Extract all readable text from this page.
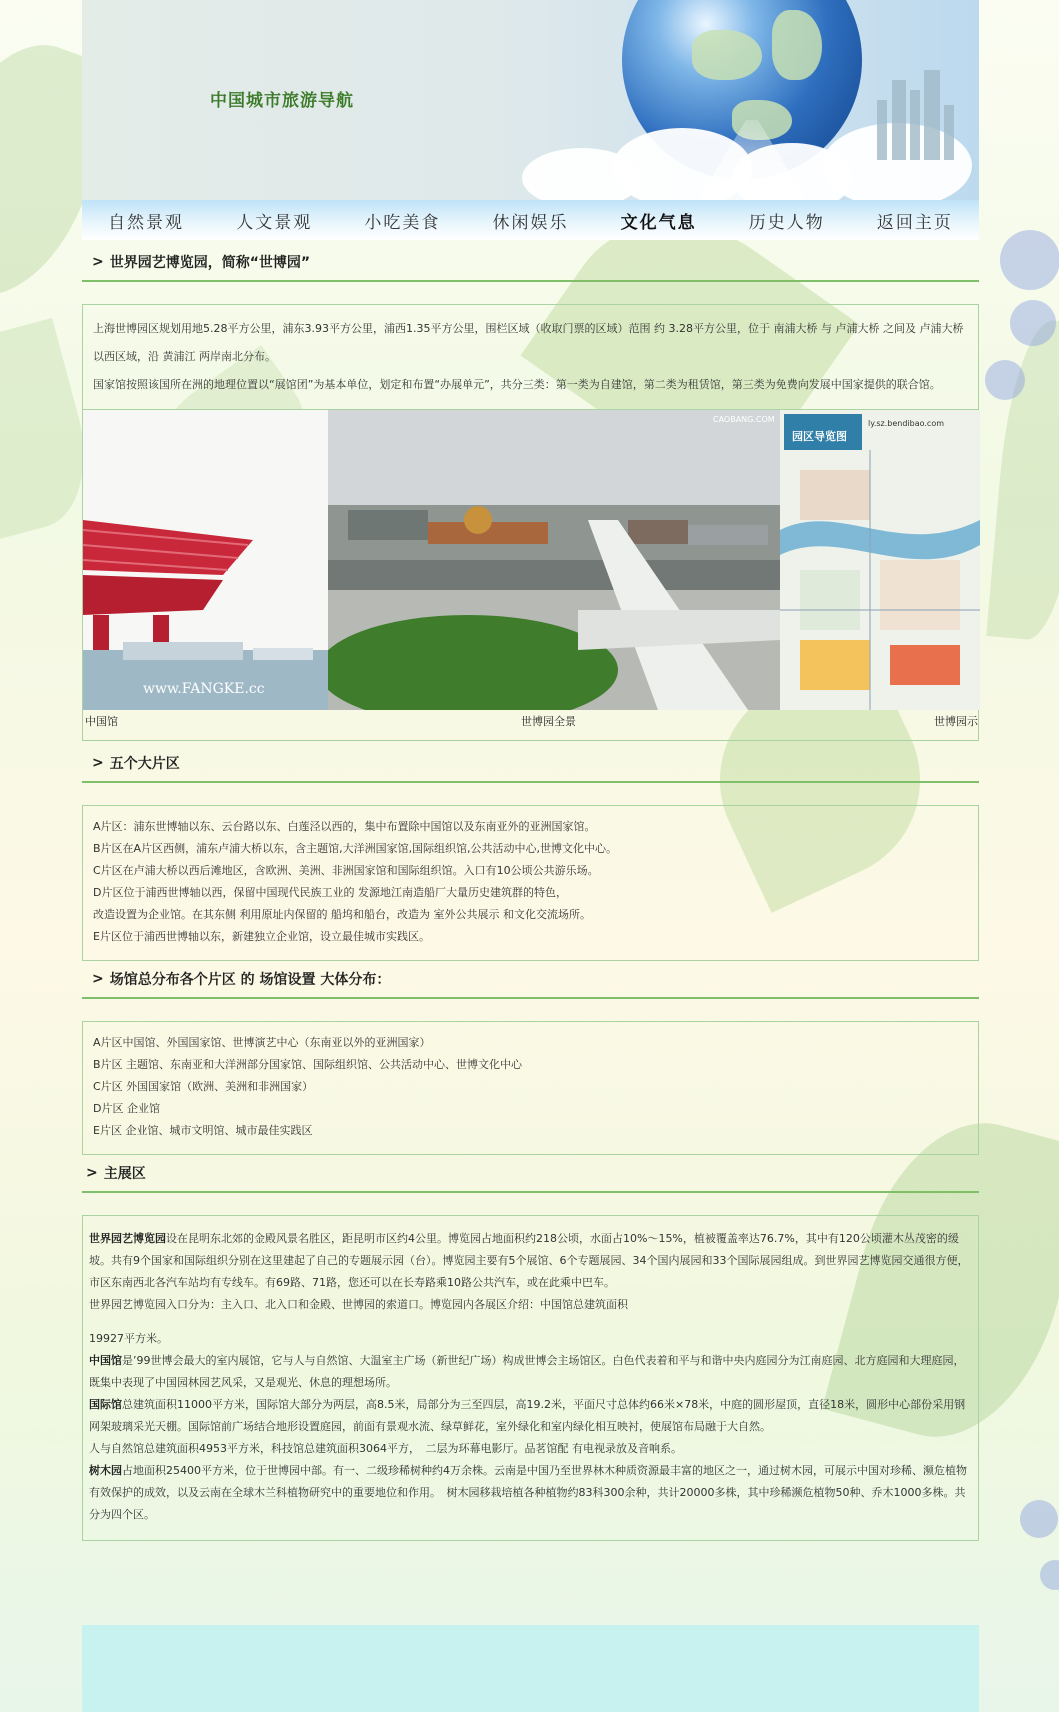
中国城市旅游导航
自然景观	人文景观	小吃美食	休闲娱乐	文化气息	历史人物	返回主页
> 世界园艺博览园，简称“世博园”

上海世博园区规划用地5.28平方公里，浦东3.93平方公里，浦西1.35平方公里，围栏区域（收取门票的区域）范围 约 3.28平方公里，位于 南浦大桥 与 卢浦大桥 之间及 卢浦大桥以西区域，沿 黄浦江 两岸南北分布。

国家馆按照该国所在洲的地理位置以“展馆团”为基本单位，划定和布置“办展单元”，共分三类：第一类为自建馆，第二类为租赁馆，第三类为免费向发展中国家提供的联合馆。

www.FANGKE.cc
中国馆
CAOBANG.COM
世博园全景
园区导览图
ly.sz.bendibao.com
世博园示
> 五个大片区
A片区：浦东世博轴以东、云台路以东、白莲泾以西的，集中布置除中国馆以及东南亚外的亚洲国家馆。
B片区在A片区西侧，浦东卢浦大桥以东，含主题馆,大洋洲国家馆,国际组织馆,公共活动中心,世博文化中心。
C片区在卢浦大桥以西后滩地区，含欧洲、美洲、非洲国家馆和国际组织馆。入口有10公顷公共游乐场。
D片区位于浦西世博轴以西，保留中国现代民族工业的 发源地江南造船厂大量历史建筑群的特色，
改造设置为企业馆。在其东侧 利用原址内保留的 船坞和船台，改造为 室外公共展示 和文化交流场所。
E片区位于浦西世博轴以东，新建独立企业馆，设立最佳城市实践区。
> 场馆总分布各个片区 的 场馆设置 大体分布：
A片区中国馆、外国国家馆、世博演艺中心（东南亚以外的亚洲国家）
B片区 主题馆、东南亚和大洋洲部分国家馆、国际组织馆、公共活动中心、世博文化中心
C片区 外国国家馆（欧洲、美洲和非洲国家）
D片区 企业馆
E片区 企业馆、城市文明馆、城市最佳实践区
> 主展区

世界园艺博览园设在昆明东北郊的金殿风景名胜区，距昆明市区约4公里。博览园占地面积约218公顷，水面占10%～15%，植被覆盖率达76.7%，其中有120公顷灌木丛茂密的缓坡。共有9个国家和国际组织分别在这里建起了自己的专题展示园（台）。博览园主要有5个展馆、6个专题展园、34个国内展园和33个国际展园组成。到世界园艺博览园交通很方便，市区东南西北各汽车站均有专线车。有69路、71路，您还可以在长寿路乘10路公共汽车，或在此乘中巴车。

世界园艺博览园入口分为：主入口、北入口和金殿、世博园的索道口。博览园内各展区介绍：中国馆总建筑面积

19927平方米。

中国馆是’99世博会最大的室内展馆，它与人与自然馆、大温室主广场（新世纪广场）构成世博会主场馆区。白色代表着和平与和谐中央内庭园分为江南庭园、北方庭园和大理庭园，既集中表现了中国园林园艺风采，又是观光、休息的理想场所。

国际馆总建筑面积11000平方米，国际馆大部分为两层，高8.5米，局部分为三至四层，高19.2米，平面尺寸总体约66米×78米，中庭的圆形屋顶，直径18米，圆形中心部份采用钢网架玻璃采光天棚。国际馆前广场结合地形设置庭园，前面有景观水流、绿草鲜花，室外绿化和室内绿化相互映衬，使展馆布局融于大自然。

人与自然馆总建筑面积4953平方米，科技馆总建筑面积3064平方，　二层为环幕电影厅。品茗馆配 有电视录放及音响系。

树木园占地面积25400平方米，位于世博园中部。有一、二级珍稀树种约4万余株。云南是中国乃至世界林木种质资源最丰富的地区之一，通过树木园，可展示中国对珍稀、濒危植物有效保护的成效，以及云南在全球木兰科植物研究中的重要地位和作用。　树木园移栽培植各种植物约83科300余种，共计20000多株，其中珍稀濒危植物50种、乔木1000多株。共分为四个区。
